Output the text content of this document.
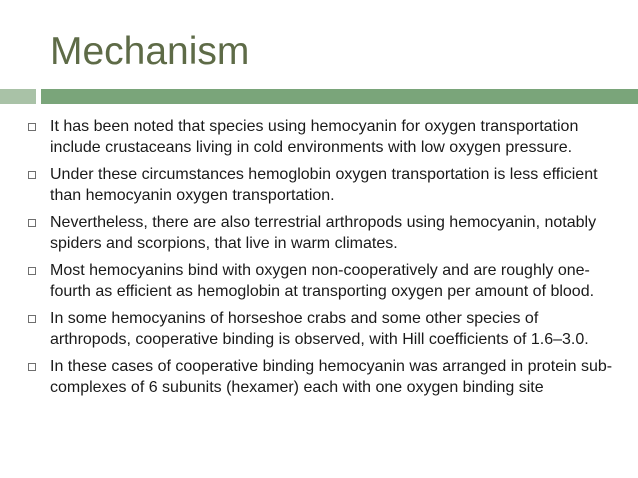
Mechanism
It has been noted that species using hemocyanin for oxygen transportation include crustaceans living in cold environments with low oxygen pressure.
Under these circumstances hemoglobin oxygen transportation is less efficient than hemocyanin oxygen transportation.
Nevertheless, there are also terrestrial arthropods using hemocyanin, notably spiders and scorpions, that live in warm climates.
Most hemocyanins bind with oxygen non-cooperatively and are roughly one-fourth as efficient as hemoglobin at transporting oxygen per amount of blood.
In some hemocyanins of horseshoe crabs and some other species of arthropods, cooperative binding is observed, with Hill coefficients of 1.6–3.0.
In these cases of cooperative binding hemocyanin was arranged in protein sub-complexes of 6 subunits (hexamer) each with one oxygen binding site
